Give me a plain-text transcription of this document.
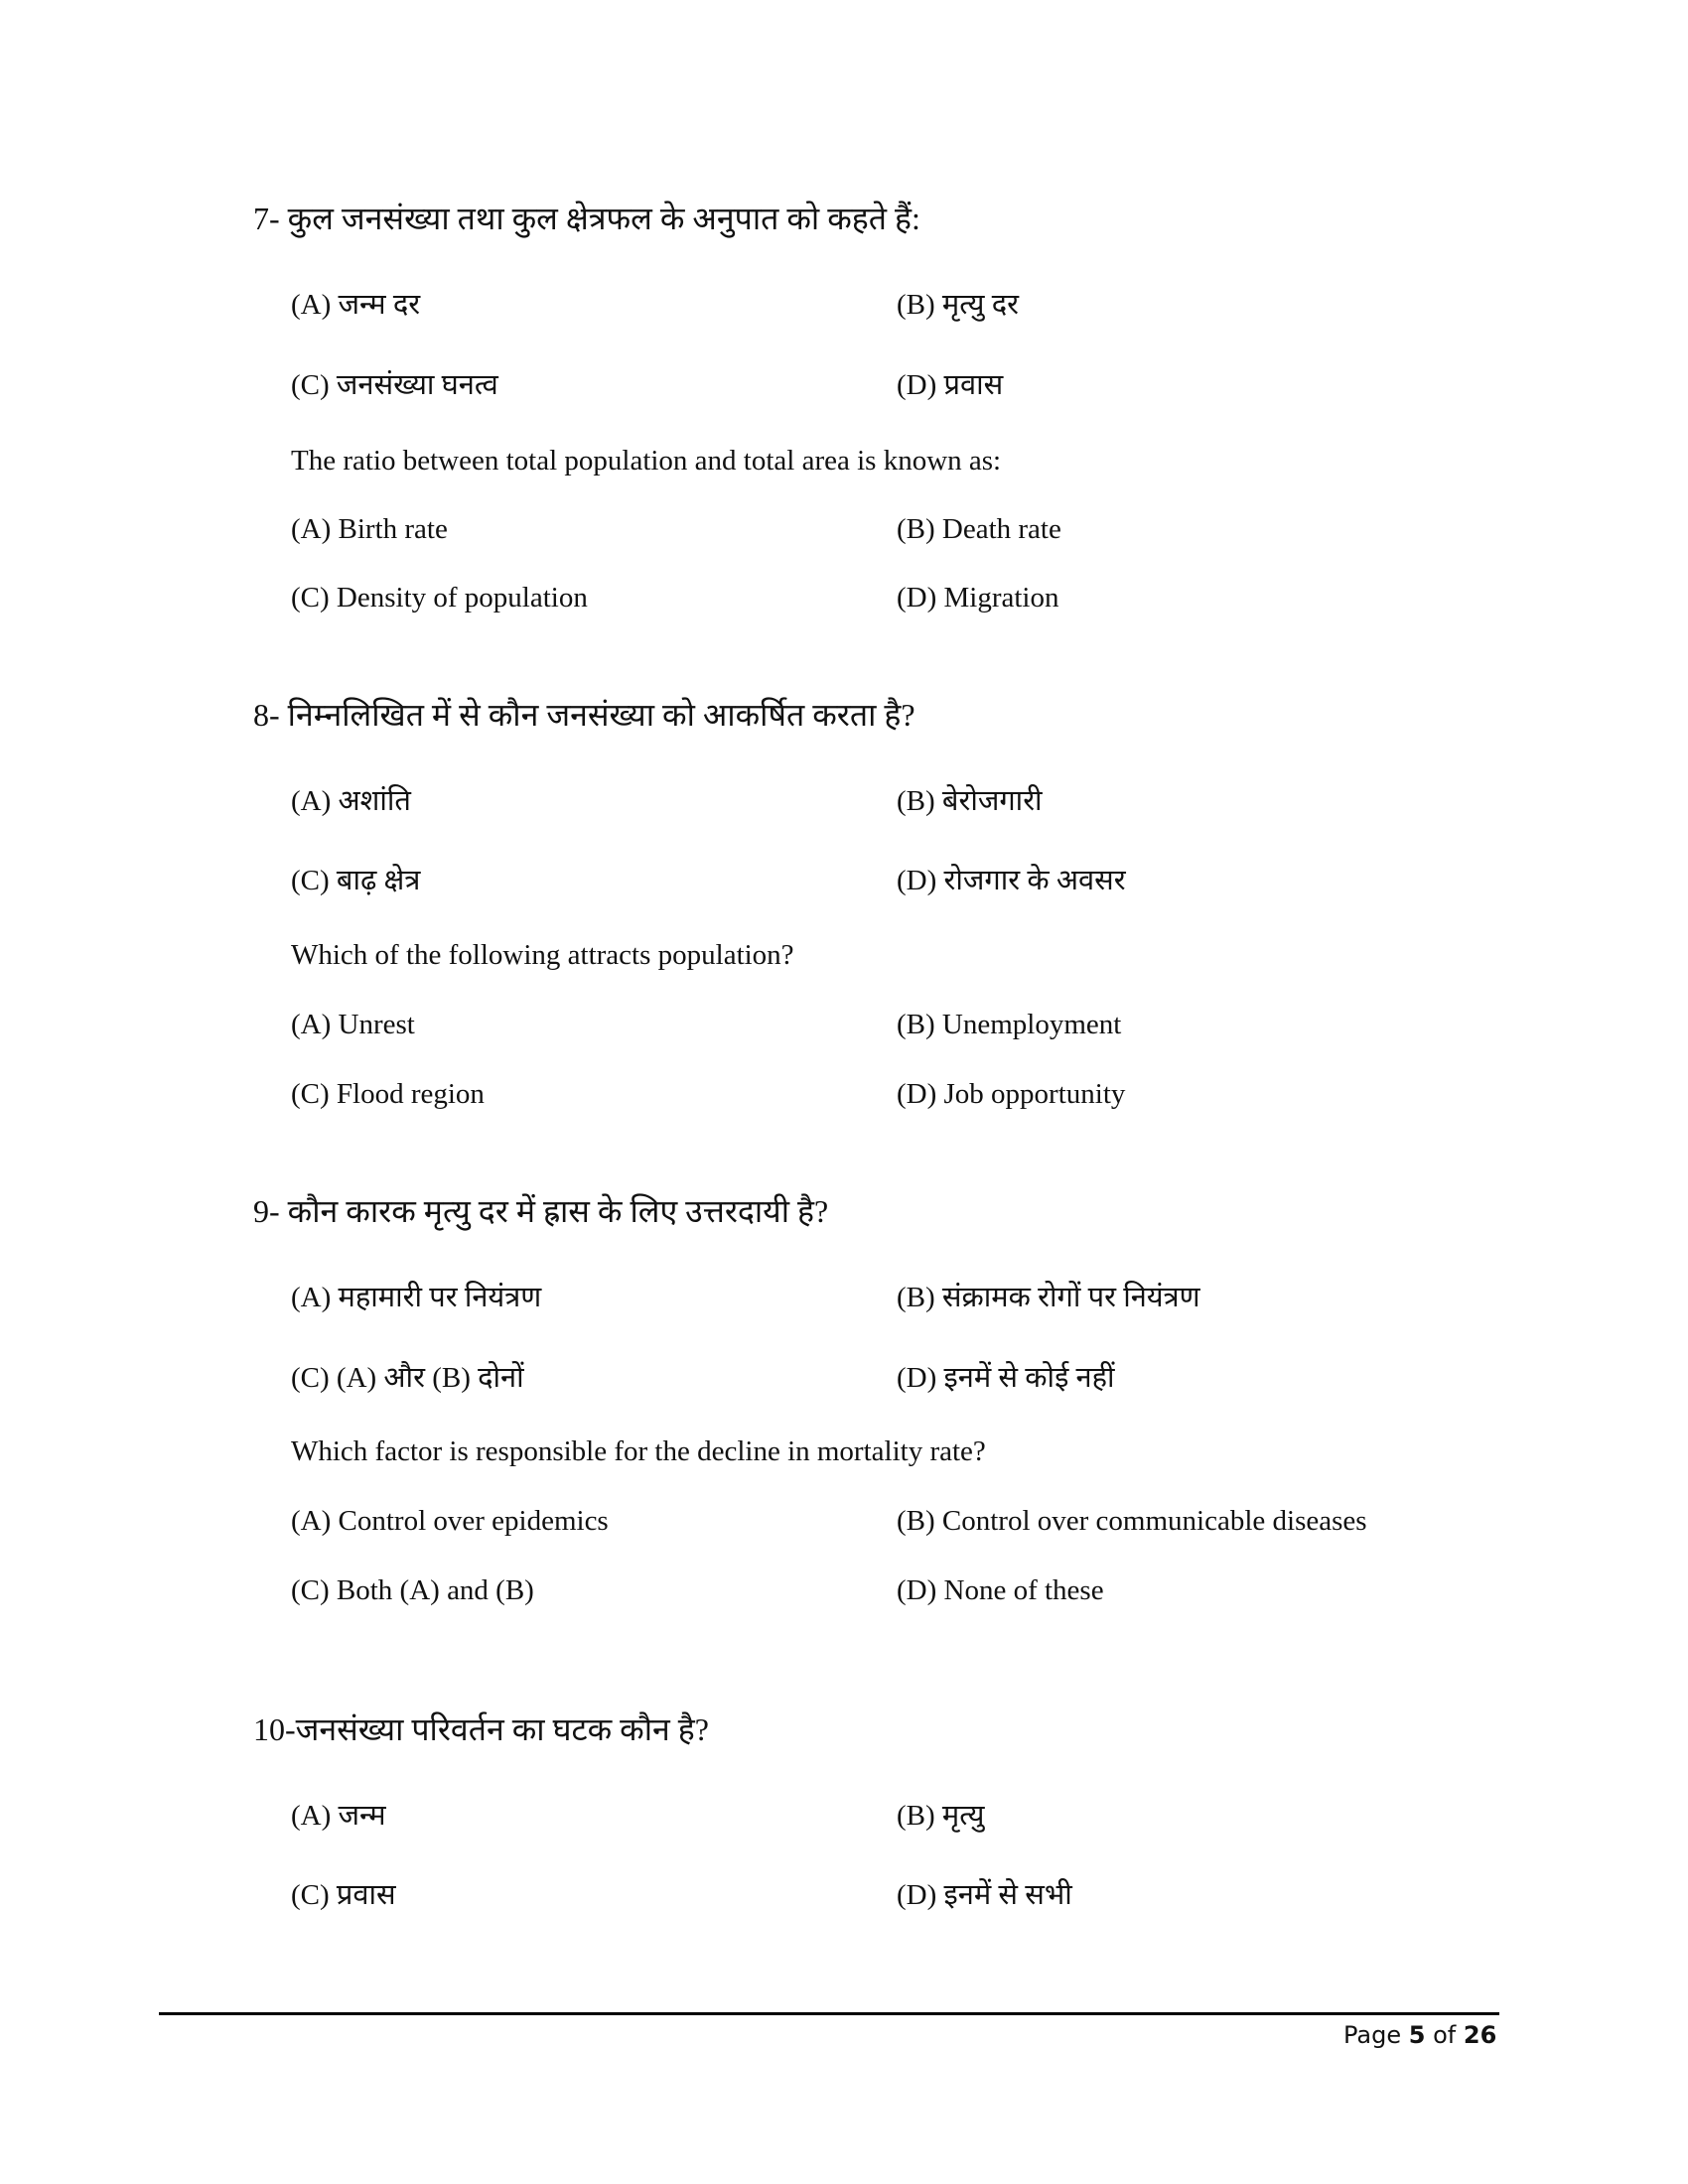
7- कुल जनसंख्या तथा कुल क्षेत्रफल के अनुपात को कहते हैं:
(A) जन्म दर	(B) मृत्यु दर
(C) जनसंख्या घनत्व	(D) प्रवास
The ratio between total population and total area is known as:
(A) Birth rate	(B) Death rate
(C) Density of population	(D) Migration
8- निम्नलिखित में से कौन जनसंख्या को आकर्षित करता है?
(A) अशांति	(B) बेरोजगारी
(C) बाढ़ क्षेत्र	(D) रोजगार के अवसर
Which of the following attracts population?
(A) Unrest	(B) Unemployment
(C) Flood region	(D) Job opportunity
9- कौन कारक मृत्यु दर में ह्रास के लिए उत्तरदायी है?
(A) महामारी पर नियंत्रण	(B) संक्रामक रोगों पर नियंत्रण
(C) (A) और (B) दोनों	(D) इनमें से कोई नहीं
Which factor is responsible for the decline in mortality rate?
(A) Control over epidemics	(B) Control over communicable diseases
(C) Both (A) and (B)	(D) None of these
10-जनसंख्या परिवर्तन का घटक कौन है?
(A) जन्म	(B) मृत्यु
(C) प्रवास	(D) इनमें से सभी
Page 5 of 26
